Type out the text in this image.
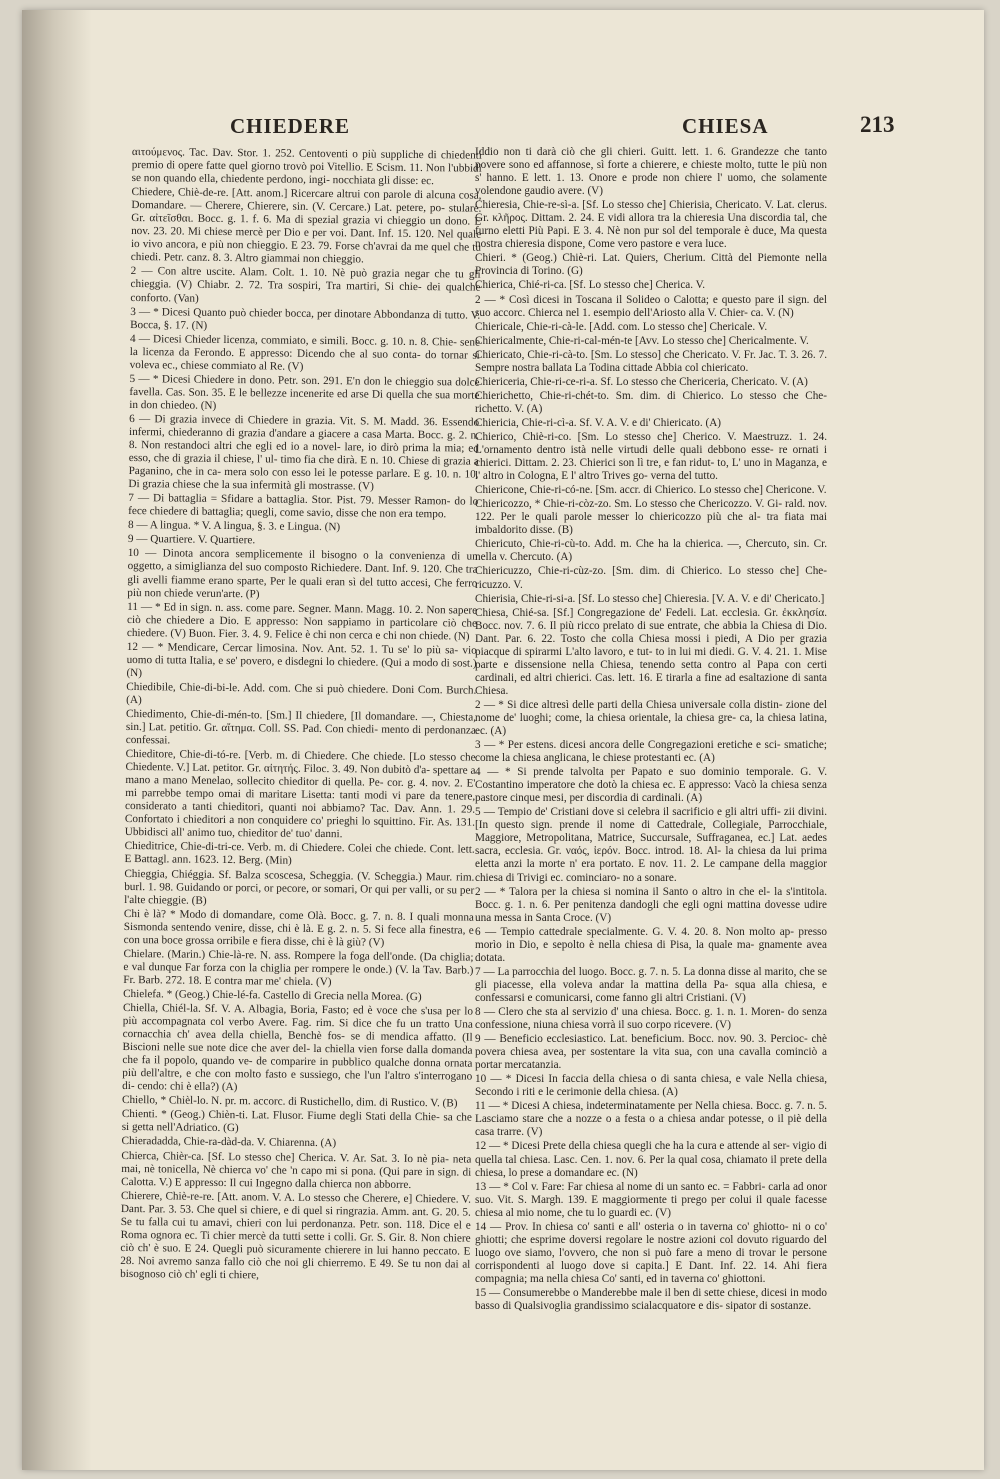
CHIEDERE	CHIESA	213

αιτούμενος. Tac. Dav. Stor. 1. 252. Centoventi o più suppliche di chiedenti premio di opere fatte quel giorno trovò poi Vitellio. E Scism. 11. Non l'ubbidì se non quando ella, chiedente perdono, ingi- nocchiata gli disse: ec.

Chiedere, Chiè-de-re. [Att. anom.] Ricercare altrui con parole di alcuna cosa, Domandare. — Cherere, Chierere, sin. (V. Cercare.) Lat. petere, po- stulare. Gr. αἰτεῖσθαι. Bocc. g. 1. f. 6. Ma di spezial grazia vi chieggio un dono. E nov. 23. 20. Mi chiese mercè per Dio e per voi. Dant. Inf. 15. 120. Nel quale io vivo ancora, e più non chieggio. E 23. 79. Forse ch'avrai da me quel che tu chiedi. Petr. canz. 8. 3. Altro giammai non chieggio.

2 — Con altre uscite. Alam. Colt. 1. 10. Nè può grazia negar che tu gli chieggia. (V) Chiabr. 2. 72. Tra sospiri, Tra martiri, Si chie- dei qualche conforto. (Van)

3 — * Dicesi Quanto può chieder bocca, per dinotare Abbondanza di tutto. V. Bocca, §. 17. (N)

4 — Dicesi Chieder licenza, commiato, e simili. Bocc. g. 10. n. 8. Chie- sene la licenza da Ferondo. E appresso: Dicendo che al suo conta- do tornar si voleva ec., chiese commiato al Re. (V)

5 — * Dicesi Chiedere in dono. Petr. son. 291. E'n don le chieggio sua dolce favella. Cas. Son. 35. E le bellezze incenerite ed arse Di quella che sua morte in don chiedeo. (N)

6 — Di grazia invece di Chiedere in grazia. Vit. S. M. Madd. 36. Essendo infermi, chiederanno di grazia d'andare a giacere a casa Marta. Bocc. g. 2. n. 8. Non restandoci altri che egli ed io a novel- lare, io dirò prima la mia; ed esso, che di grazia il chiese, l' ul- timo fia che dirà. E n. 10. Chiese di grazia a Paganino, che in ca- mera solo con esso lei le potesse parlare. E g. 10. n. 10. Di grazia chiese che la sua infermità gli mostrasse. (V)

7 — Di battaglia = Sfidare a battaglia. Stor. Pist. 79. Messer Ramon- do lo fece chiedere di battaglia; quegli, come savio, disse che non era tempo.

8 — A lingua. * V. A lingua, §. 3. e Lingua. (N)

9 — Quartiere. V. Quartiere.

10 — Dinota ancora semplicemente il bisogno o la convenienza di un oggetto, a simiglianza del suo composto Richiedere. Dant. Inf. 9. 120. Che tra gli avelli fiamme erano sparte, Per le quali eran sì del tutto accesi, Che ferro più non chiede verun'arte. (P)

11 — * Ed in sign. n. ass. come pare. Segner. Mann. Magg. 10. 2. Non sapere ciò che chiedere a Dio. E appresso: Non sappiamo in particolare ciò che chiedere. (V) Buon. Fier. 3. 4. 9. Felice è chi non cerca e chi non chiede. (N)

12 — * Mendicare, Cercar limosina. Nov. Ant. 52. 1. Tu se' lo più sa- vio uomo di tutta Italia, e se' povero, e disdegni lo chiedere. (Qui a modo di sost.) (N)

Chiedibile, Chie-di-bi-le. Add. com. Che si può chiedere. Doni Com. Burch. (A)

Chiedimento, Chie-di-mén-to. [Sm.] Il chiedere, [Il domandare. —, Chiesta, sin.] Lat. petitio. Gr. αἴτημα. Coll. SS. Pad. Con chiedi- mento di perdonanza confessai.

Chieditore, Chie-di-tó-re. [Verb. m. di Chiedere. Che chiede. [Lo stesso che Chiedente. V.] Lat. petitor. Gr. αἰτητής. Filoc. 3. 49. Non dubitò d'a- spettare a mano a mano Menelao, sollecito chieditor di quella. Pe- cor. g. 4. nov. 2. E' mi parrebbe tempo omai di maritare Lisetta: tanti modi vi pare da tenere, considerato a tanti chieditori, quanti noi abbiamo? Tac. Dav. Ann. 1. 29. Confortato i chieditori a non conquidere co' prieghi lo squittino. Fir. As. 131. Ubbidisci all' animo tuo, chieditor de' tuo' danni.

Chieditrice, Chie-di-tri-ce. Verb. m. di Chiedere. Colei che chiede. Cont. lett. E Battagl. ann. 1623. 12. Berg. (Min)

Chieggia, Chiéggia. Sf. Balza scoscesa, Scheggia. (V. Scheggia.) Maur. rim. burl. 1. 98. Guidando or porci, or pecore, or somari, Or qui per valli, or su per l'alte chieggie. (B)

Chi è là? * Modo di domandare, come Olà. Bocc. g. 7. n. 8. I quali monna Sismonda sentendo venire, disse, chi è là. E g. 2. n. 5. Si fece alla finestra, e con una boce grossa orribile e fiera disse, chi è là giù? (V)

Chielare. (Marin.) Chie-là-re. N. ass. Rompere la foga dell'onde. (Da chiglia; e val dunque Far forza con la chiglia per rompere le onde.) (V. la Tav. Barb.) Fr. Barb. 272. 18. E contra mar me' chiela. (V)

Chielefa. * (Geog.) Chie-lé-fa. Castello di Grecia nella Morea. (G)

Chiella, Chiél-la. Sf. V. A. Albagia, Boria, Fasto; ed è voce che s'usa per lo più accompagnata col verbo Avere. Fag. rim. Si dice che fu un tratto Una cornacchia ch' avea della chiella, Benchè fos- se di mendica affatto. (Il Biscioni nelle sue note dice che aver del- la chiella vien forse dalla domanda che fa il popolo, quando ve- de comparire in pubblico qualche donna ornata più dell'altre, e che con molto fasto e sussiego, che l'un l'altro s'interrogano di- cendo: chi è ella?) (A)

Chiello, * Chièl-lo. N. pr. m. accorc. di Rustichello, dim. di Rustico. V. (B)

Chienti. * (Geog.) Chièn-ti. Lat. Flusor. Fiume degli Stati della Chie- sa che si getta nell'Adriatico. (G)

Chieradadda, Chie-ra-dàd-da. V. Chiarenna. (A)

Chierca, Chièr-ca. [Sf. Lo stesso che] Cherica. V. Ar. Sat. 3. Io nè pia- neta mai, nè tonicella, Nè chierca vo' che 'n capo mi si pona. (Qui pare in sign. di Calotta. V.) E appresso: Il cui Ingegno dalla chierca non abborre.

Chierere, Chiè-re-re. [Att. anom. V. A. Lo stesso che Cherere, e] Chiedere. V. Dant. Par. 3. 53. Che quel si chiere, e di quel si ringrazia. Amm. ant. G. 20. 5. Se tu falla cui tu amavi, chieri con lui perdonanza. Petr. son. 118. Dice el e Roma ognora ec. Ti chier mercè da tutti sette i colli. Gr. S. Gir. 8. Non chiere ciò ch' è suo. E 24. Quegli può sicuramente chierere in lui hanno peccato. E 28. Noi avremo sanza fallo ciò che noi gli chierremo. E 49. Se tu non dai al bisognoso ciò ch' egli ti chiere,

Iddio non ti darà ciò che gli chieri. Guitt. lett. 1. 6. Grandezze che tanto povere sono ed affannose, sì forte a chierere, e chieste molto, tutte le più non s' hanno. E lett. 1. 13. Onore e prode non chiere l' uomo, che solamente volendone gaudio avere. (V)

Chieresia, Chie-re-sì-a. [Sf. Lo stesso che] Chierisia, Chericato. V. Lat. clerus. Gr. κλῆρος. Dittam. 2. 24. E vidi allora tra la chieresia Una discordia tal, che furno eletti Più Papi. E 3. 4. Nè non pur sol del temporale è duce, Ma questa nostra chieresia dispone, Come vero pastore e vera luce.

Chieri. * (Geog.) Chiè-ri. Lat. Quiers, Cherium. Città del Piemonte nella Provincia di Torino. (G)

Chierica, Chié-ri-ca. [Sf. Lo stesso che] Cherica. V.

2 — * Così dicesi in Toscana il Solideo o Calotta; e questo pare il sign. del suo accorc. Chierca nel 1. esempio dell'Ariosto alla V. Chier- ca. V. (N)

Chiericale, Chie-ri-cà-le. [Add. com. Lo stesso che] Chericale. V.

Chiericalmente, Chie-ri-cal-mén-te [Avv. Lo stesso che] Chericalmente. V.

Chiericato, Chie-ri-cà-to. [Sm. Lo stesso] che Chericato. V. Fr. Jac. T. 3. 26. 7. Sempre nostra ballata La Todina cittade Abbia col chiericato.

Chiericeria, Chie-ri-ce-ri-a. Sf. Lo stesso che Chericeria, Chericato. V. (A)

Chierichetto, Chie-ri-chét-to. Sm. dim. di Chierico. Lo stesso che Che- richetto. V. (A)

Chiericia, Chie-ri-cì-a. Sf. V. A. V. e di' Chiericato. (A)

Chierico, Chiè-ri-co. [Sm. Lo stesso che] Cherico. V. Maestruzz. 1. 24. L'ornamento dentro istà nelle virtudi delle quali debbono esse- re ornati i chierici. Dittam. 2. 23. Chierici son lì tre, e fan ridut- to, L' uno in Maganza, e l' altro in Cologna, E l' altro Trives go- verna del tutto.

Chiericone, Chie-ri-có-ne. [Sm. accr. di Chierico. Lo stesso che] Chericone. V.

Chiericozzo, * Chie-ri-còz-zo. Sm. Lo stesso che Chericozzo. V. Gi- rald. nov. 122. Per le quali parole messer lo chiericozzo più che al- tra fiata mai imbaldorito disse. (B)

Chiericuto, Chie-ri-cù-to. Add. m. Che ha la chierica. —, Chercuto, sin. Cr. nella v. Chercuto. (A)

Chiericuzzo, Chie-ri-cùz-zo. [Sm. dim. di Chierico. Lo stesso che] Che- ricuzzo. V.

Chierisia, Chie-ri-si-a. [Sf. Lo stesso che] Chieresia. [V. A. V. e di' Chericato.]

Chiesa, Chié-sa. [Sf.] Congregazione de' Fedeli. Lat. ecclesia. Gr. ἐκκλησία. Bocc. nov. 7. 6. Il più ricco prelato di sue entrate, che abbia la Chiesa di Dio. Dant. Par. 6. 22. Tosto che colla Chiesa mossi i piedi, A Dio per grazia piacque di spirarmi L'alto lavoro, e tut- to in lui mi diedi. G. V. 4. 21. 1. Mise parte e dissensione nella Chiesa, tenendo setta contro al Papa con certi cardinali, ed altri chierici. Cas. lett. 16. E tirarla a fine ad esaltazione di santa Chiesa.

2 — * Si dice altresì delle parti della Chiesa universale colla distin- zione del nome de' luoghi; come, la chiesa orientale, la chiesa gre- ca, la chiesa latina, ec. (A)

3 — * Per estens. dicesi ancora delle Congregazioni eretiche e sci- smatiche; come la chiesa anglicana, le chiese protestanti ec. (A)

4 — * Si prende talvolta per Papato e suo dominio temporale. G. V. Costantino imperatore che dotò la chiesa ec. E appresso: Vacò la chiesa senza pastore cinque mesi, per discordia di cardinali. (A)

5 — Tempio de' Cristiani dove si celebra il sacrificio e gli altri uffi- zii divini. [In questo sign. prende il nome di Cattedrale, Collegiale, Parrocchiale, Maggiore, Metropolitana, Matrice, Succursale, Suffraganea, ec.] Lat. aedes sacra, ecclesia. Gr. ναός, ἱερόν. Bocc. introd. 18. Al- la chiesa da lui prima eletta anzi la morte n' era portato. E nov. 11. 2. Le campane della maggior chiesa di Trivigi ec. cominciaro- no a sonare.

2 — * Talora per la chiesa si nomina il Santo o altro in che el- la s'intitola. Bocc. g. 1. n. 6. Per penitenza dandogli che egli ogni mattina dovesse udire una messa in Santa Croce. (V)

6 — Tempio cattedrale specialmente. G. V. 4. 20. 8. Non molto ap- presso morìo in Dio, e sepolto è nella chiesa di Pisa, la quale ma- gnamente avea dotata.

7 — La parrocchia del luogo. Bocc. g. 7. n. 5. La donna disse al marito, che se gli piacesse, ella voleva andar la mattina della Pa- squa alla chiesa, e confessarsi e comunicarsi, come fanno gli altri Cristiani. (V)

8 — Clero che sta al servizio d' una chiesa. Bocc. g. 1. n. 1. Moren- do senza confessione, niuna chiesa vorrà il suo corpo ricevere. (V)

9 — Beneficio ecclesiastico. Lat. beneficium. Bocc. nov. 90. 3. Percioc- chè povera chiesa avea, per sostentare la vita sua, con una cavalla cominciò a portar mercatanzia.

10 — * Dicesi In faccia della chiesa o di santa chiesa, e vale Nella chiesa, Secondo i riti e le cerimonie della chiesa. (A)

11 — * Dicesi A chiesa, indeterminatamente per Nella chiesa. Bocc. g. 7. n. 5. Lasciamo stare che a nozze o a festa o a chiesa andar potesse, o il piè della casa trarre. (V)

12 — * Dicesi Prete della chiesa quegli che ha la cura e attende al ser- vigio di quella tal chiesa. Lasc. Cen. 1. nov. 6. Per la qual cosa, chiamato il prete della chiesa, lo prese a domandare ec. (N)

13 — * Col v. Fare: Far chiesa al nome di un santo ec. = Fabbri- carla ad onor suo. Vit. S. Margh. 139. E maggiormente ti prego per colui il quale facesse chiesa al mio nome, che tu lo guardi ec. (V)

14 — Prov. In chiesa co' santi e all' osteria o in taverna co' ghiotto- ni o co' ghiotti; che esprime doversi regolare le nostre azioni col dovuto riguardo del luogo ove siamo, l'ovvero, che non si può fare a meno di trovar le persone corrispondenti al luogo dove si capita.] E Dant. Inf. 22. 14. Ahi fiera compagnia; ma nella chiesa Co' santi, ed in taverna co' ghiottoni.

15 — Consumerebbe o Manderebbe male il ben di sette chiese, dicesi in modo basso di Qualsivoglia grandissimo scialacquatore e dis- sipator di sostanze.
